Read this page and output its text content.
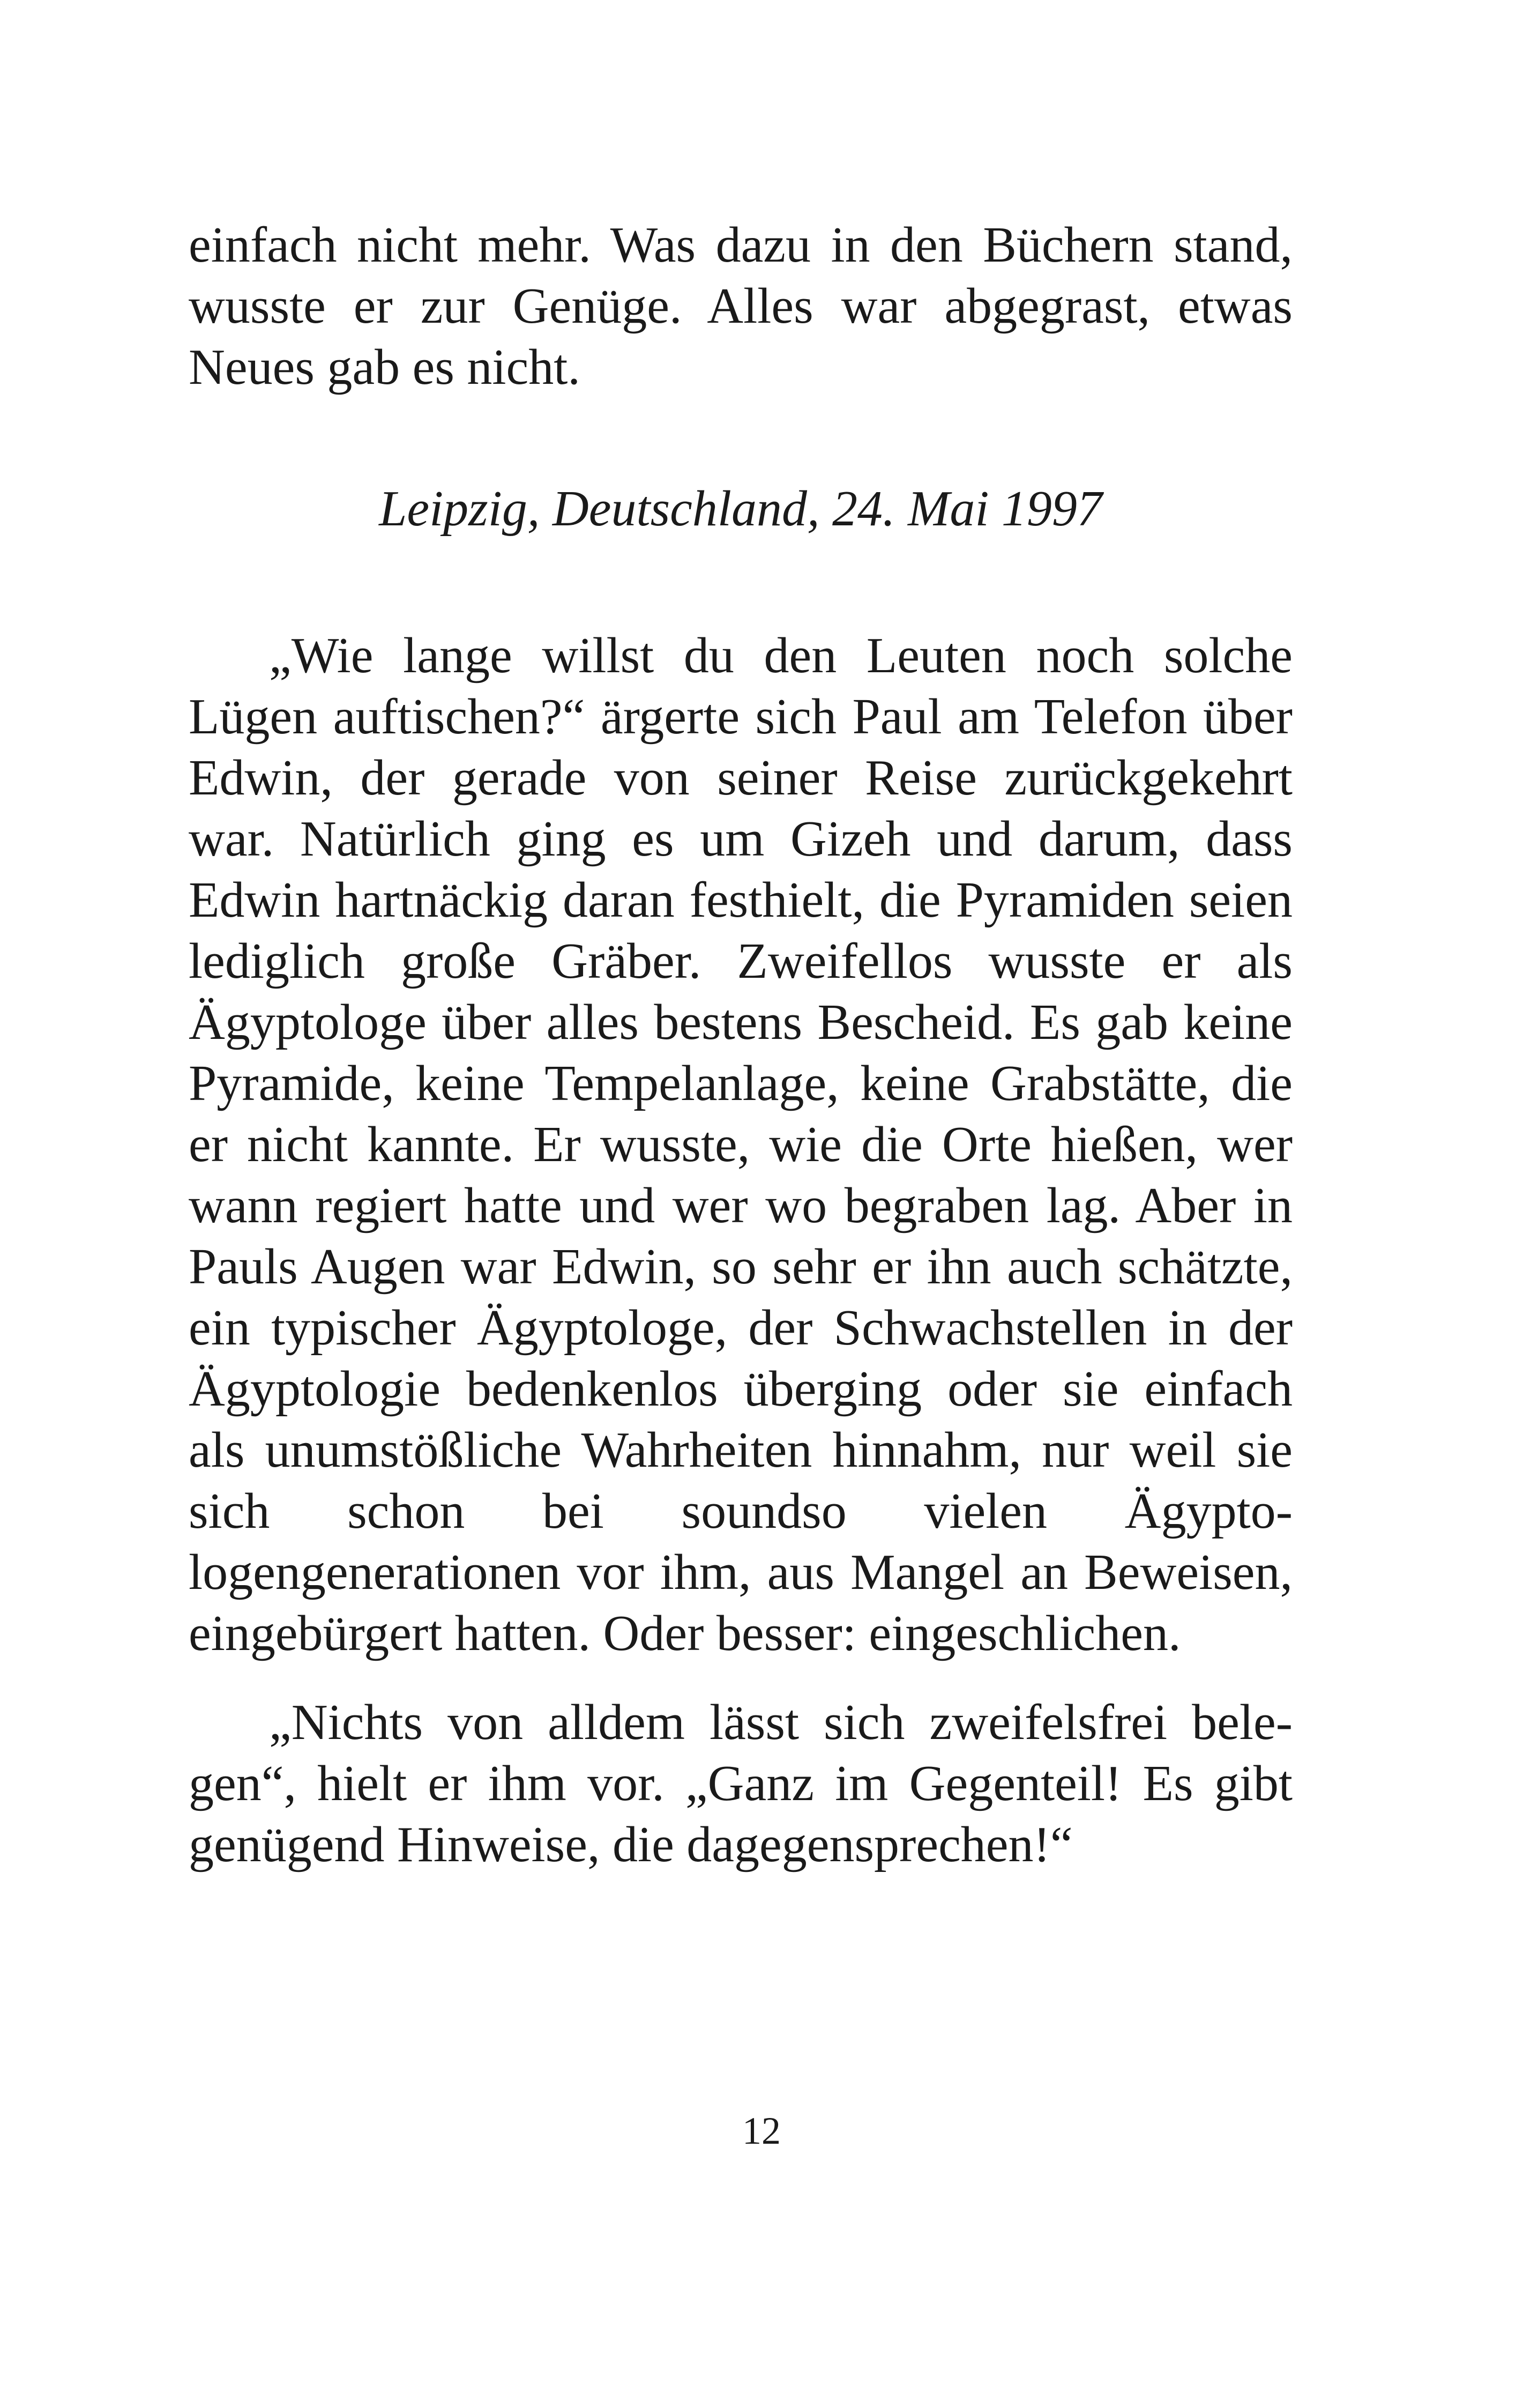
einfach nicht mehr. Was dazu in den Büchern stand, wusste er zur Genüge. Alles war abgegrast, etwas Neues gab es nicht.

Leipzig, Deutschland, 24. Mai 1997

„Wie lange willst du den Leuten noch solche Lügen auftischen?“ ärgerte sich Paul am Telefon über Edwin, der gerade von seiner Reise zurückgekehrt war. Natürlich ging es um Gizeh und darum, dass Edwin hartnäckig daran festhielt, die Pyramiden seien lediglich große Gräber. Zweifellos wusste er als Ägyptologe über alles bestens Bescheid. Es gab keine Pyramide, keine Tempelanlage, keine Grabstätte, die er nicht kannte. Er wusste, wie die Orte hießen, wer wann regiert hatte und wer wo begraben lag. Aber in Pauls Augen war Edwin, so sehr er ihn auch schätzte, ein typischer Ägyptologe, der Schwachstellen in der Ägyptologie bedenkenlos überging oder sie einfach als unumstößliche Wahrheiten hinnahm, nur weil sie sich schon bei soundso vielen Ägyptologengenerationen vor ihm, aus Mangel an Beweisen, eingebürgert hatten. Oder besser: eingeschlichen.

„Nichts von alldem lässt sich zweifelsfrei belegen“, hielt er ihm vor. „Ganz im Gegenteil! Es gibt genügend Hinweise, die dagegensprechen!“

12
